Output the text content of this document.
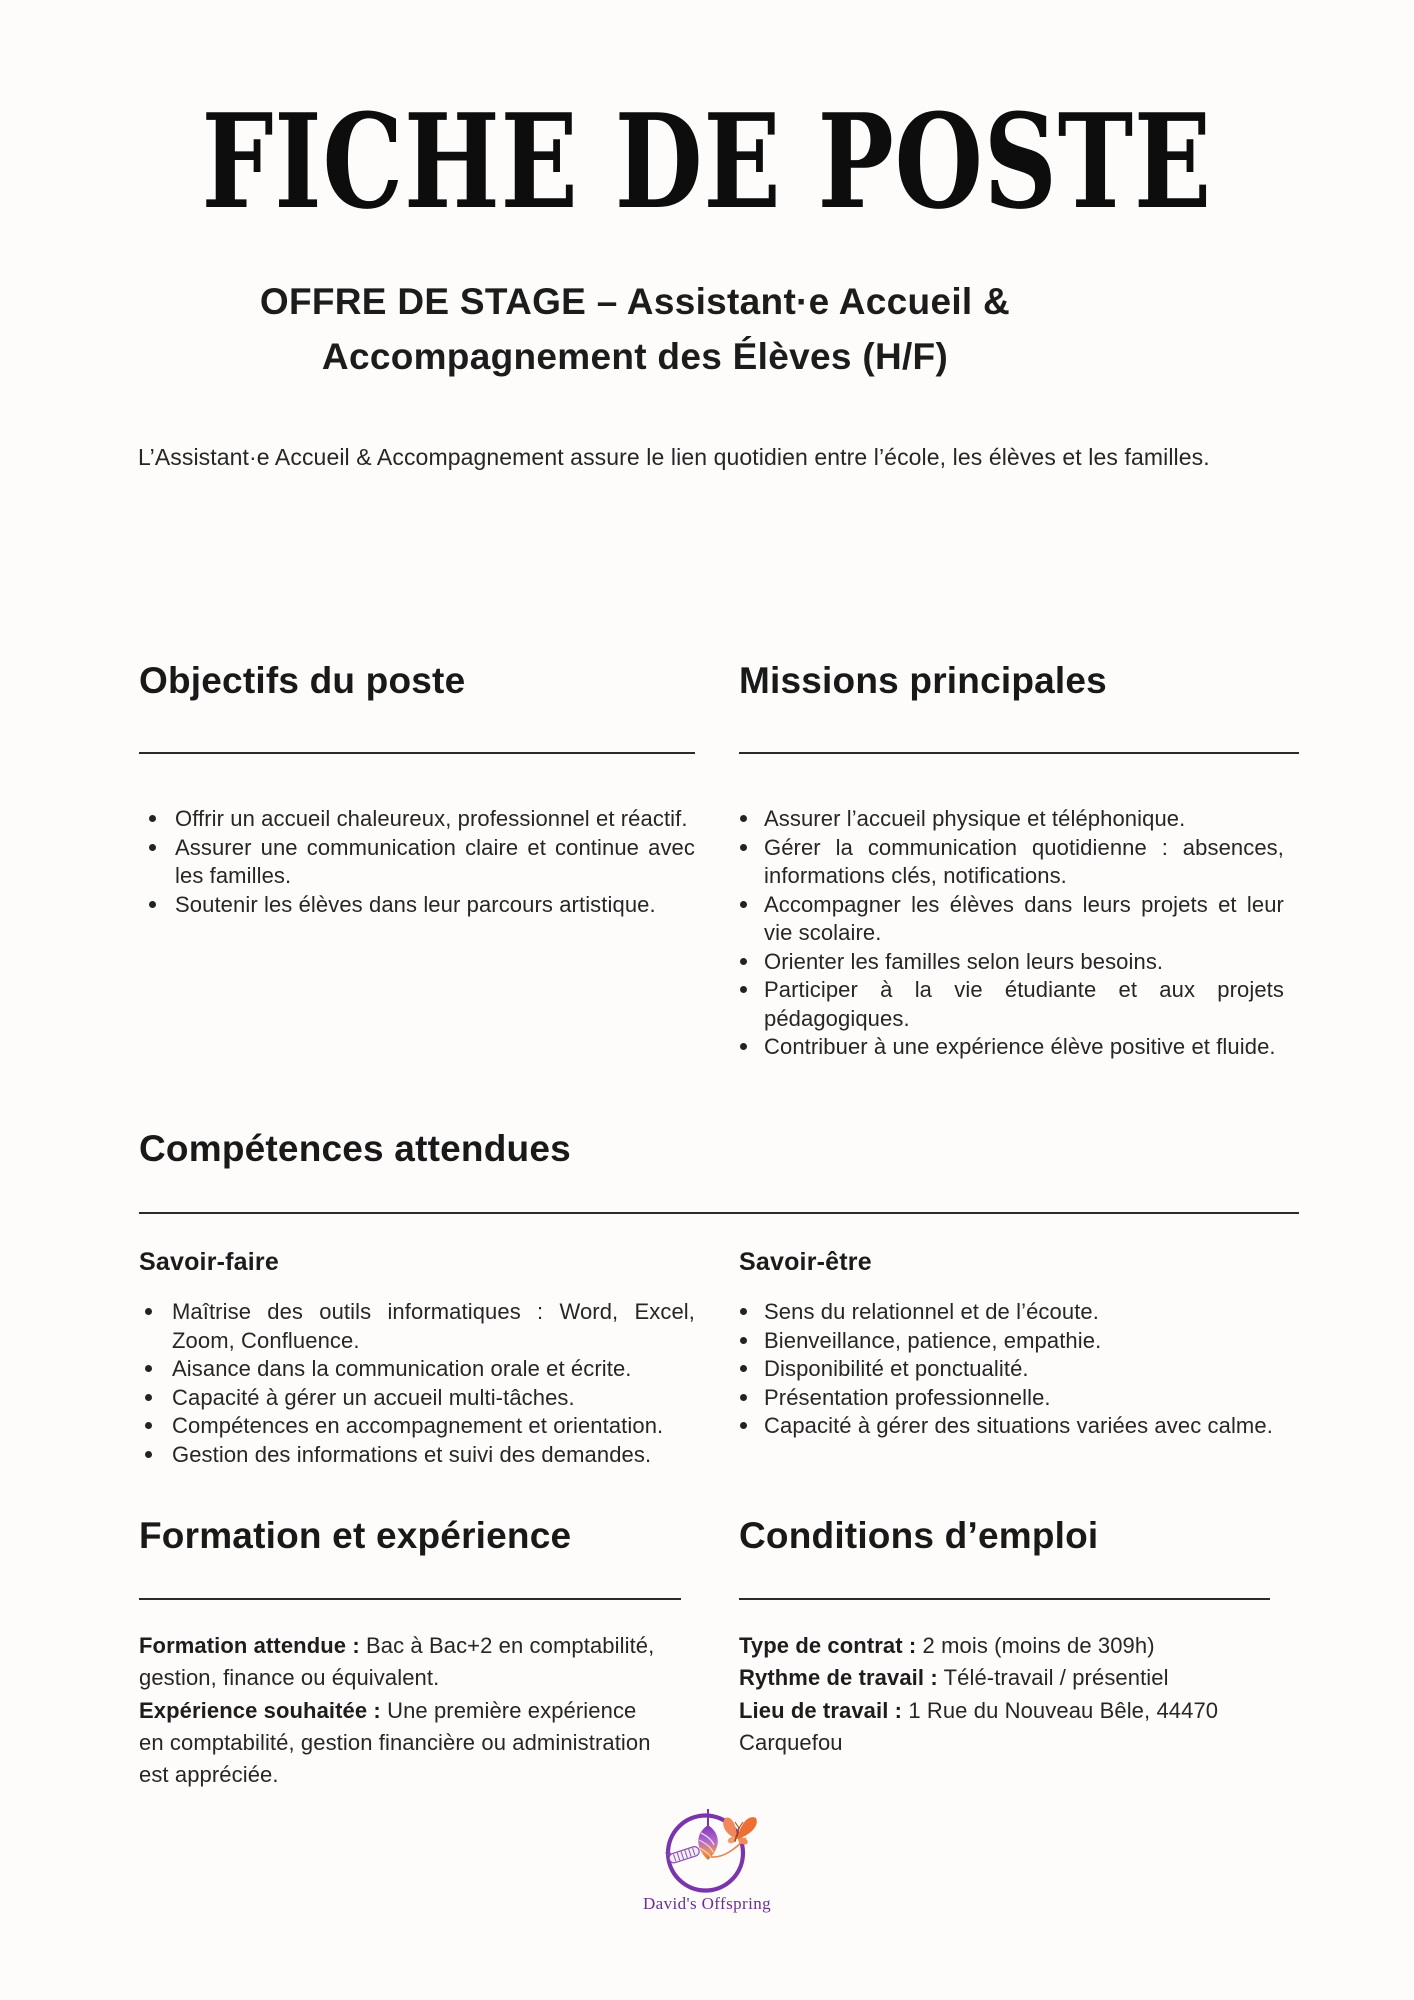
FICHE DE POSTE
OFFRE DE STAGE – Assistant·e Accueil &
Accompagnement des Élèves (H/F)

L’Assistant·e Accueil & Accompagnement assure le lien quotidien entre l’école, les élèves et les familles.

Objectifs du poste
Offrir un accueil chaleureux, professionnel et réactif.
Assurer une communication claire et continue avec les familles.
Soutenir les élèves dans leur parcours artistique.
Missions principales
Assurer l’accueil physique et téléphonique.
Gérer la communication quotidienne : absences, informations clés, notifications.
Accompagner les élèves dans leurs projets et leur vie scolaire.
Orienter les familles selon leurs besoins.
Participer à la vie étudiante et aux projets pédagogiques.
Contribuer à une expérience élève positive et fluide.
Compétences attendues
Savoir-faire
Maîtrise des outils informatiques : Word, Excel, Zoom, Confluence.
Aisance dans la communication orale et écrite.
Capacité à gérer un accueil multi-tâches.
Compétences en accompagnement et orientation.
Gestion des informations et suivi des demandes.
Savoir-être
Sens du relationnel et de l’écoute.
Bienveillance, patience, empathie.
Disponibilité et ponctualité.
Présentation professionnelle.
Capacité à gérer des situations variées avec calme.
Formation et expérience

Formation attendue : Bac à Bac+2 en comptabilité, gestion, finance ou équivalent.

Expérience souhaitée : Une première expérience en comptabilité, gestion financière ou administration est appréciée.

Conditions d’emploi

Type de contrat : 2 mois (moins de 309h)

Rythme de travail : Télé-travail / présentiel

Lieu de travail : 1 Rue du Nouveau Bêle, 44470 Carquefou

David's Offspring
